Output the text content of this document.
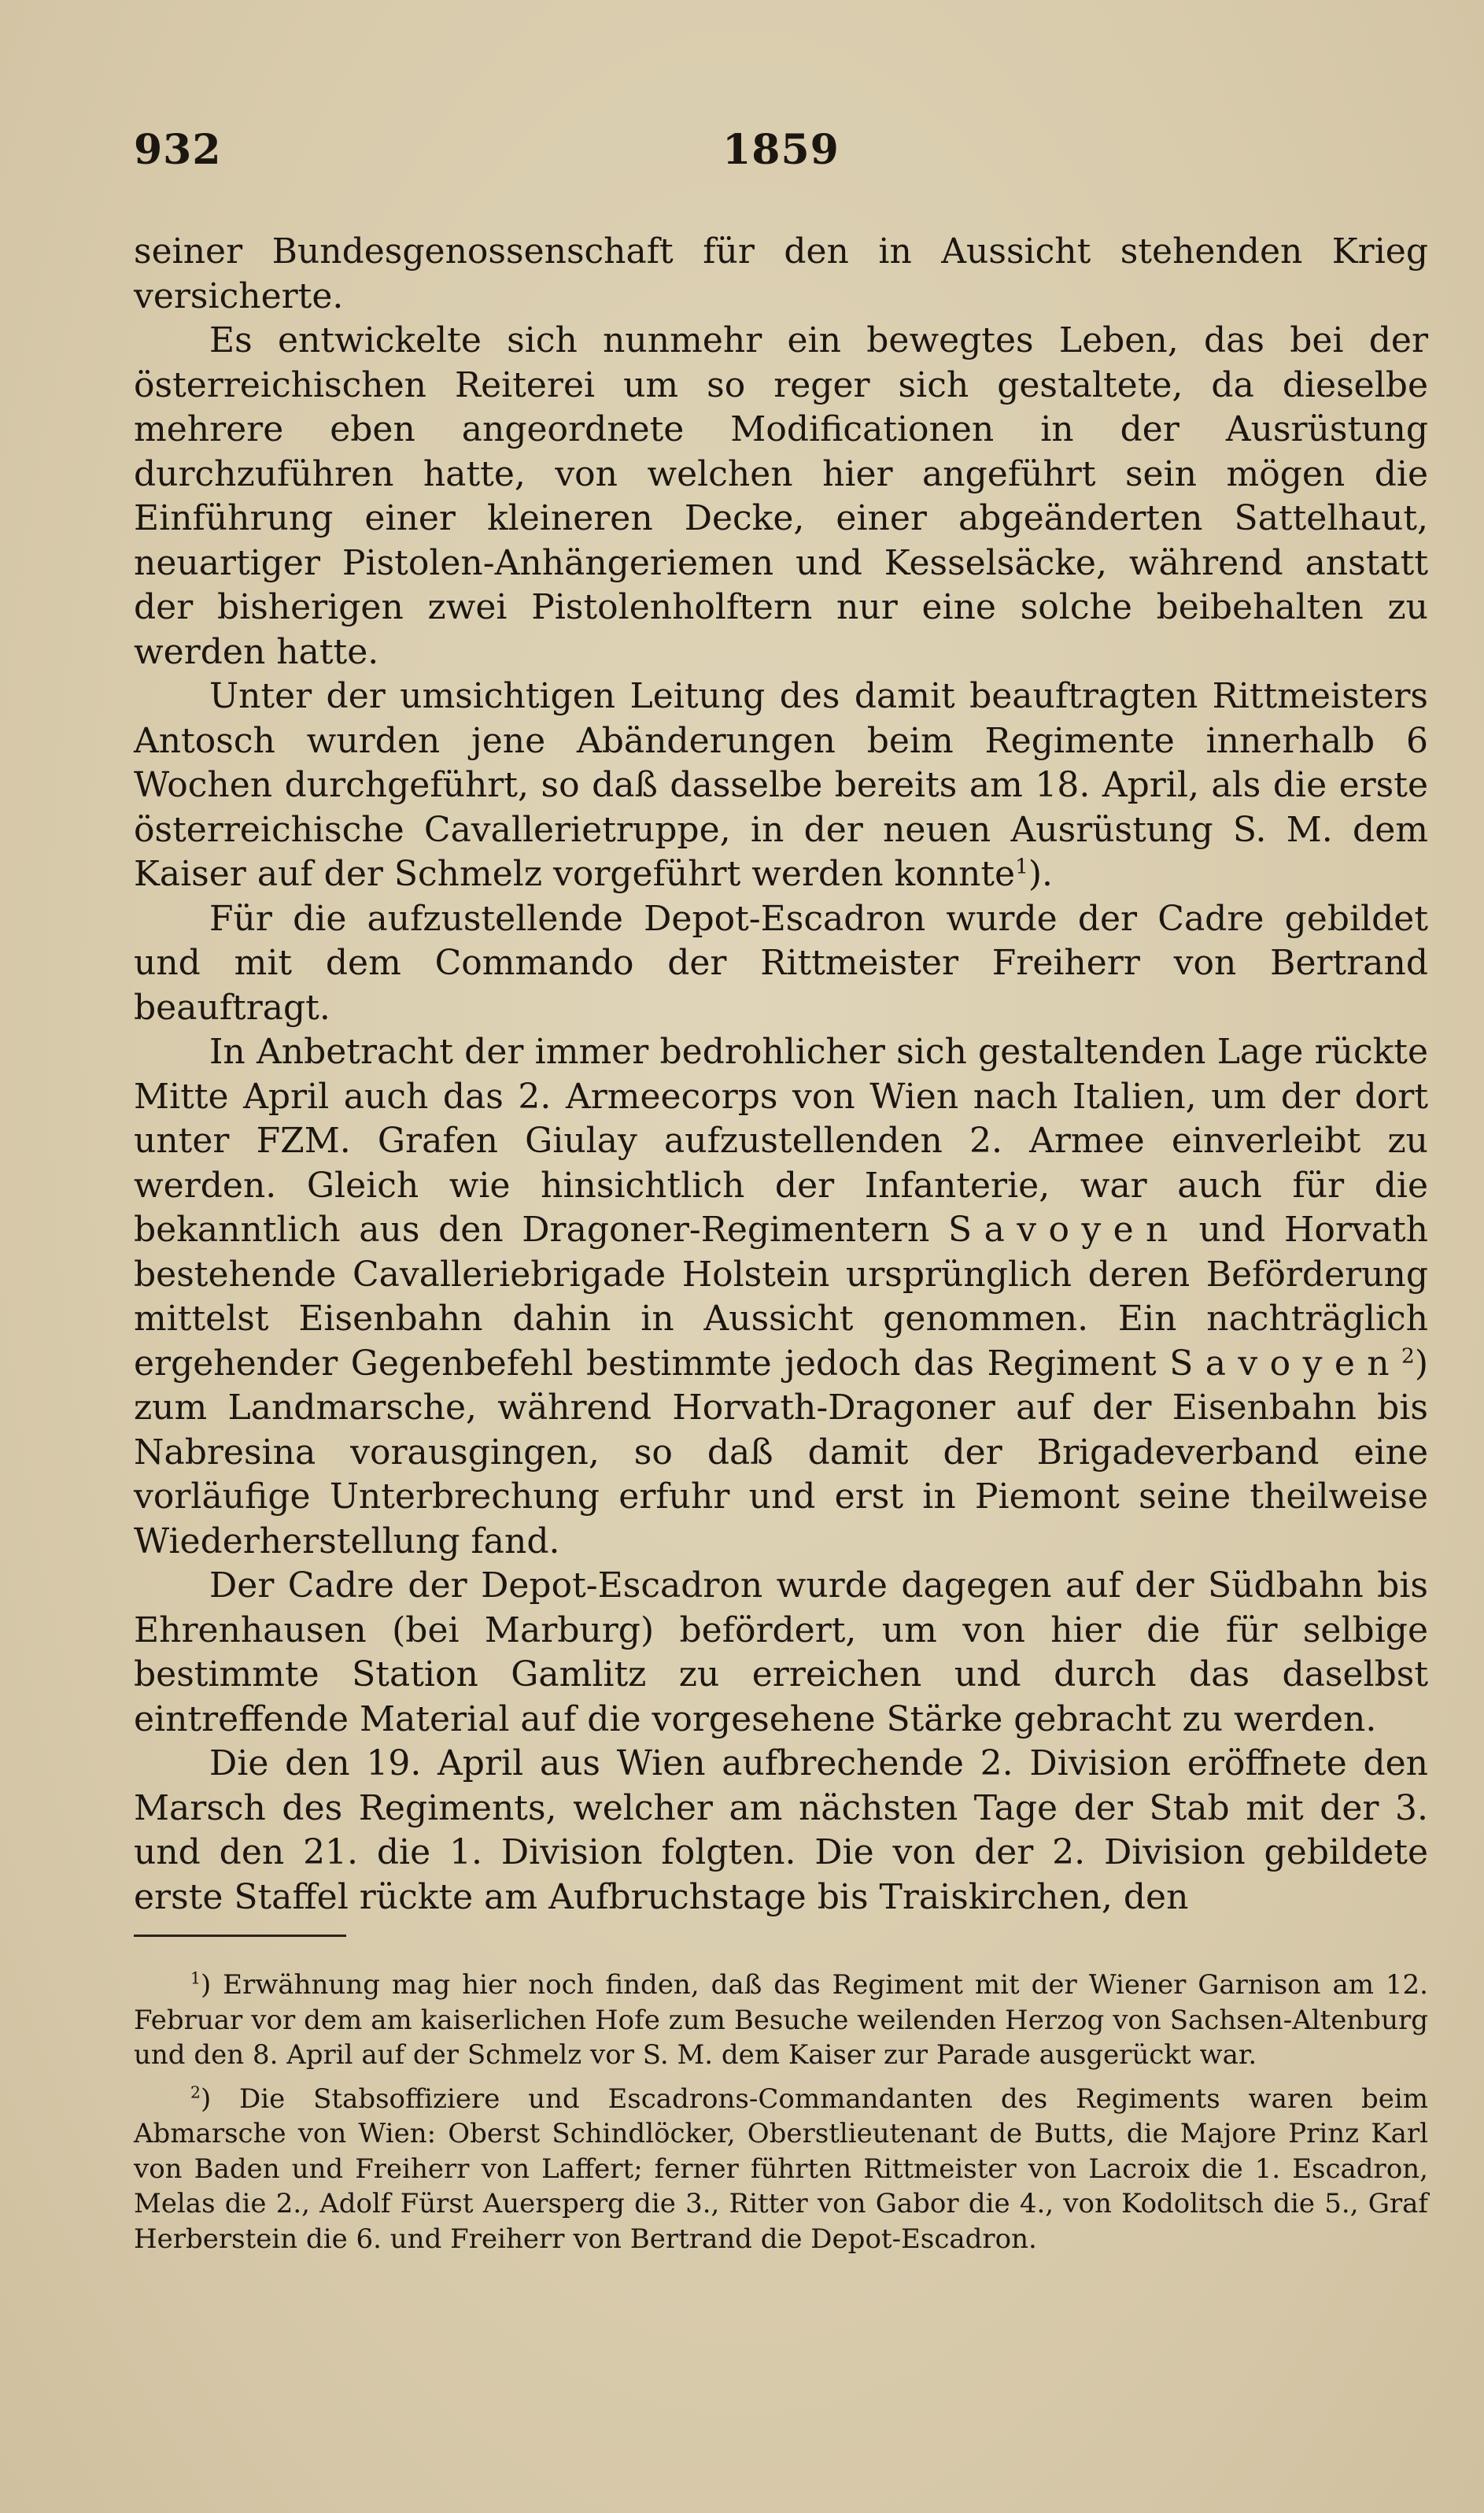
932	1859

seiner Bundesgenossenschaft für den in Aussicht stehenden Krieg versicherte.

Es entwickelte sich nunmehr ein bewegtes Leben, das bei der österreichischen Reiterei um so reger sich gestaltete, da dieselbe mehrere eben angeordnete Modificationen in der Ausrüstung durchzuführen hatte, von welchen hier angeführt sein mögen die Einführung einer kleineren Decke, einer abgeänderten Sattelhaut, neuartiger Pistolen-Anhängeriemen und Kesselsäcke, während anstatt der bisherigen zwei Pistolenholftern nur eine solche beibehalten zu werden hatte.

Unter der umsichtigen Leitung des damit beauftragten Rittmeisters Antosch wurden jene Abänderungen beim Regimente innerhalb 6 Wochen durchgeführt, so daß dasselbe bereits am 18. April, als die erste österreichische Cavallerietruppe, in der neuen Ausrüstung S. M. dem Kaiser auf der Schmelz vorgeführt werden konnte$^1$).

Für die aufzustellende Depot-Escadron wurde der Cadre gebildet und mit dem Commando der Rittmeister Freiherr von Bertrand beauftragt.

In Anbetracht der immer bedrohlicher sich gestaltenden Lage rückte Mitte April auch das 2. Armeecorps von Wien nach Italien, um der dort unter FZM. Grafen Giulay aufzustellenden 2. Armee einverleibt zu werden. Gleich wie hinsichtlich der Infanterie, war auch für die bekanntlich aus den Dragoner-Regimentern Savoyen und Horvath bestehende Cavalleriebrigade Holstein ursprünglich deren Beförderung mittelst Eisenbahn dahin in Aussicht genommen. Ein nachträglich ergehender Gegenbefehl bestimmte jedoch das Regiment Savoyen$^2$) zum Landmarsche, während Horvath-Dragoner auf der Eisenbahn bis Nabresina vorausgingen, so daß damit der Brigadeverband eine vorläufige Unterbrechung erfuhr und erst in Piemont seine theilweise Wiederherstellung fand.

Der Cadre der Depot-Escadron wurde dagegen auf der Südbahn bis Ehrenhausen (bei Marburg) befördert, um von hier die für selbige bestimmte Station Gamlitz zu erreichen und durch das daselbst eintreffende Material auf die vorgesehene Stärke gebracht zu werden.

Die den 19. April aus Wien aufbrechende 2. Division eröffnete den Marsch des Regiments, welcher am nächsten Tage der Stab mit der 3. und den 21. die 1. Division folgten. Die von der 2. Division gebildete erste Staffel rückte am Aufbruchstage bis Traiskirchen, den

$^1$) Erwähnung mag hier noch finden, daß das Regiment mit der Wiener Garnison am 12. Februar vor dem am kaiserlichen Hofe zum Besuche weilenden Herzog von Sachsen-Altenburg und den 8. April auf der Schmelz vor S. M. dem Kaiser zur Parade ausgerückt war.

$^2$) Die Stabsoffiziere und Escadrons-Commandanten des Regiments waren beim Abmarsche von Wien: Oberst Schindlöcker, Oberstlieutenant de Butts, die Majore Prinz Karl von Baden und Freiherr von Laffert; ferner führten Rittmeister von Lacroix die 1. Escadron, Melas die 2., Adolf Fürst Auersperg die 3., Ritter von Gabor die 4., von Kodolitsch die 5., Graf Herberstein die 6. und Freiherr von Bertrand die Depot-Escadron.
